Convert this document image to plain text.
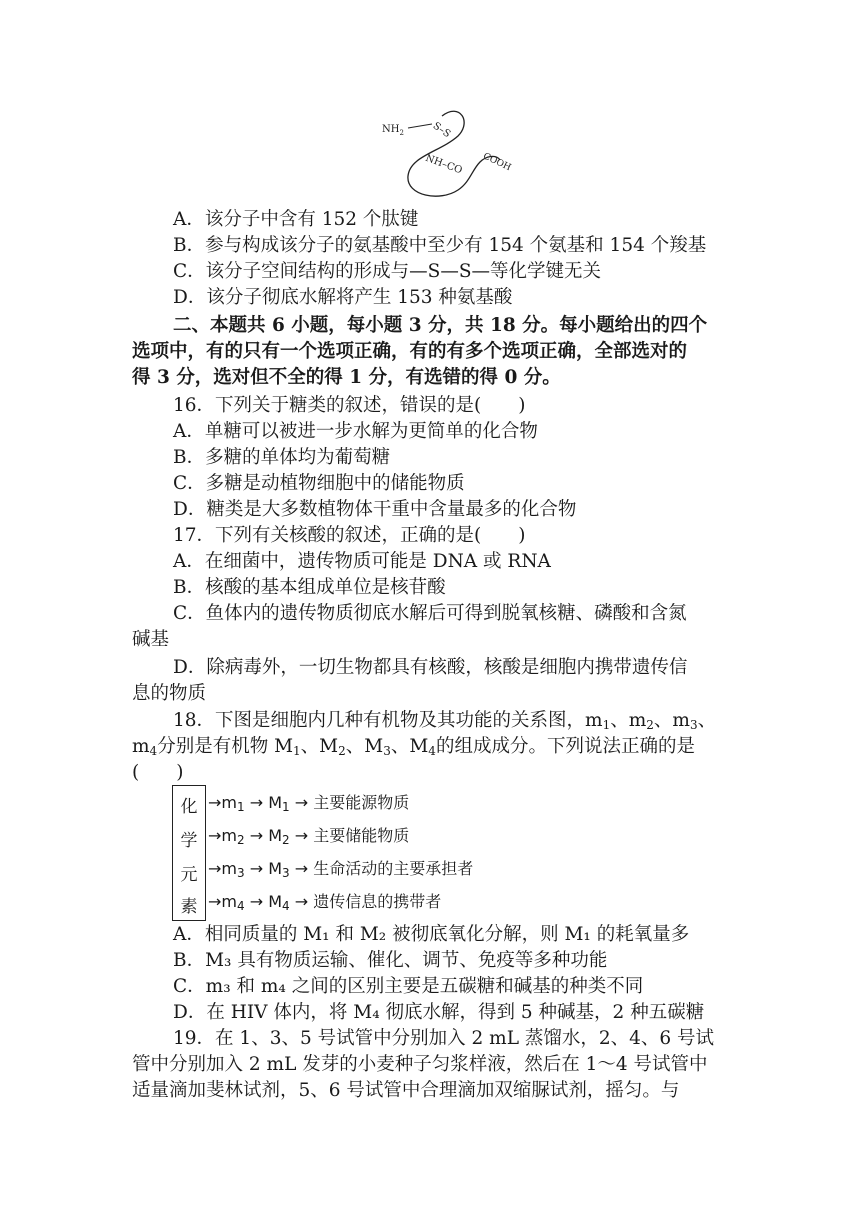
$NH_2$	S–S
NH–CO COOH
A．该分子中含有 152 个肽键
B．参与构成该分子的氨基酸中至少有 154 个氨基和 154 个羧基
C．该分子空间结构的形成与—S—S—等化学键无关
D．该分子彻底水解将产生 153 种氨基酸
二、本题共 6 小题，每小题 3 分，共 18 分。每小题给出的四个
选项中，有的只有一个选项正确，有的有多个选项正确，全部选对的
得 3 分，选对但不全的得 1 分，有选错的得 0 分。
16．下列关于糖类的叙述，错误的是(　　)
A．单糖可以被进一步水解为更简单的化合物
B．多糖的单体均为葡萄糖
C．多糖是动植物细胞中的储能物质
D．糖类是大多数植物体干重中含量最多的化合物
17．下列有关核酸的叙述，正确的是(　　)
A．在细菌中，遗传物质可能是 DNA 或 RNA
B．核酸的基本组成单位是核苷酸
C．鱼体内的遗传物质彻底水解后可得到脱氧核糖、磷酸和含氮
碱基
D．除病毒外，一切生物都具有核酸，核酸是细胞内携带遗传信
息的物质
18．下图是细胞内几种有机物及其功能的关系图，$m_1$、$m_2$、$m_3$、
$m_4$分别是有机物 $M_1$、$M_2$、$M_3$、$M_4$的组成成分。下列说法正确的是
(　　)
化
学
元
素
$\to m_1 \to M_1$ → 主要能源物质
$\to m_2 \to M_2$ → 主要储能物质
$\to m_3 \to M_3$ → 生命活动的主要承担者
$\to m_4 \to M_4$ → 遗传信息的携带者
A．相同质量的 M₁ 和 M₂ 被彻底氧化分解，则 M₁ 的耗氧量多
B．M₃ 具有物质运输、催化、调节、免疫等多种功能
C．m₃ 和 m₄ 之间的区别主要是五碳糖和碱基的种类不同
D．在 HIV 体内，将 M₄ 彻底水解，得到 5 种碱基，2 种五碳糖
19．在 1、3、5 号试管中分别加入 2 mL 蒸馏水，2、4、6 号试
管中分别加入 2 mL 发芽的小麦种子匀浆样液，然后在 1～4 号试管中
适量滴加斐林试剂，5、6 号试管中合理滴加双缩脲试剂，摇匀。与
